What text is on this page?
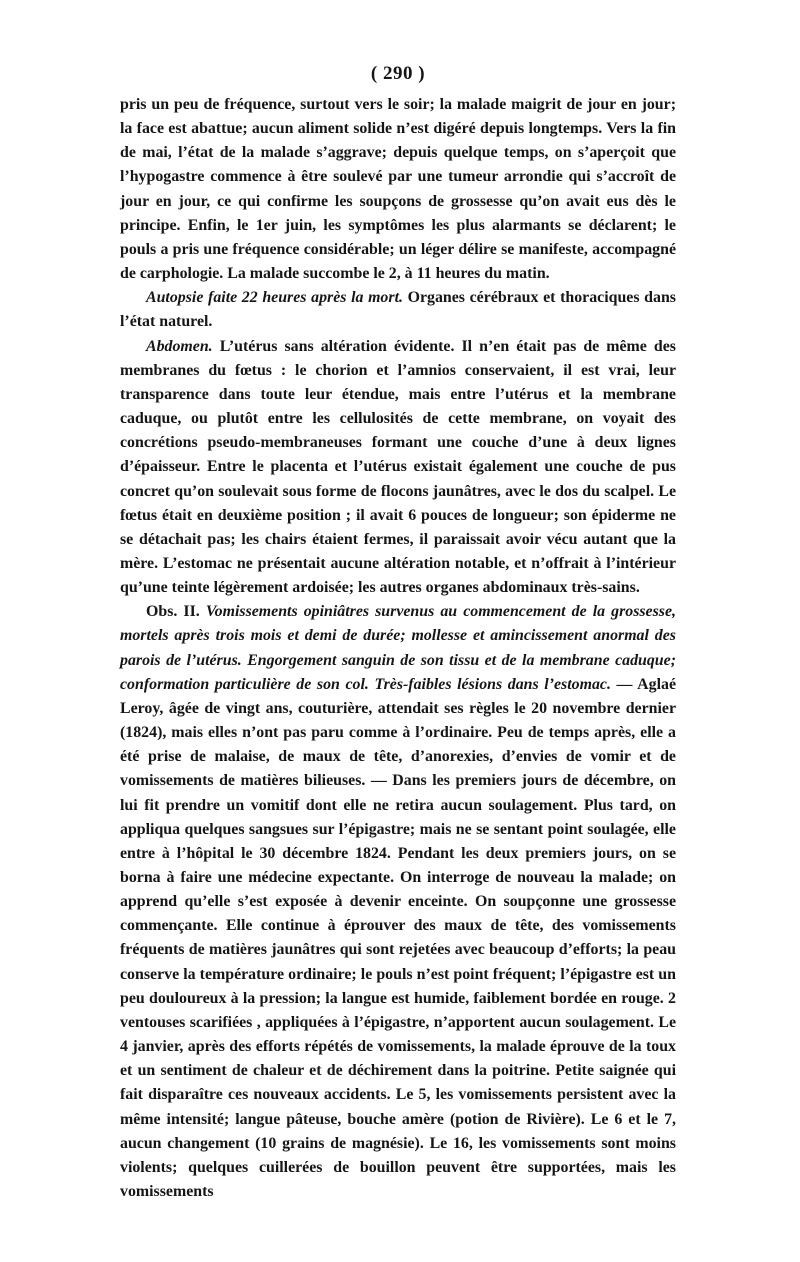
( 290 )

pris un peu de fréquence, surtout vers le soir; la malade maigrit de jour en jour; la face est abattue; aucun aliment solide n’est digéré depuis longtemps. Vers la fin de mai, l’état de la malade s’aggrave; depuis quelque temps, on s’aperçoit que l’hypogastre commence à être soulevé par une tumeur arrondie qui s’accroît de jour en jour, ce qui confirme les soupçons de grossesse qu’on avait eus dès le principe. Enfin, le 1er juin, les symptômes les plus alarmants se déclarent; le pouls a pris une fréquence considérable; un léger délire se manifeste, accompagné de carphologie. La malade succombe le 2, à 11 heures du matin.

Autopsie faite 22 heures après la mort. Organes cérébraux et thoraciques dans l’état naturel.

Abdomen. L’utérus sans altération évidente. Il n’en était pas de même des membranes du fœtus : le chorion et l’amnios conservaient, il est vrai, leur transparence dans toute leur étendue, mais entre l’utérus et la membrane caduque, ou plutôt entre les cellulosités de cette membrane, on voyait des concrétions pseudo-membraneuses formant une couche d’une à deux lignes d’épaisseur. Entre le placenta et l’utérus existait également une couche de pus concret qu’on soulevait sous forme de flocons jaunâtres, avec le dos du scalpel. Le fœtus était en deuxième position ; il avait 6 pouces de longueur; son épiderme ne se détachait pas; les chairs étaient fermes, il paraissait avoir vécu autant que la mère. L’estomac ne présentait aucune altération notable, et n’offrait à l’intérieur qu’une teinte légèrement ardoisée; les autres organes abdominaux très-sains.

Obs. II. Vomissements opiniâtres survenus au commencement de la grossesse, mortels après trois mois et demi de durée; mollesse et amincissement anormal des parois de l’utérus. Engorgement sanguin de son tissu et de la membrane caduque; conformation particulière de son col. Très-faibles lésions dans l’estomac. — Aglaé Leroy, âgée de vingt ans, couturière, attendait ses règles le 20 novembre dernier (1824), mais elles n’ont pas paru comme à l’ordinaire. Peu de temps après, elle a été prise de malaise, de maux de tête, d’anorexies, d’envies de vomir et de vomissements de matières bilieuses. — Dans les premiers jours de décembre, on lui fit prendre un vomitif dont elle ne retira aucun soulagement. Plus tard, on appliqua quelques sangsues sur l’épigastre; mais ne se sentant point soulagée, elle entre à l’hôpital le 30 décembre 1824. Pendant les deux premiers jours, on se borna à faire une médecine expectante. On interroge de nouveau la malade; on apprend qu’elle s’est exposée à devenir enceinte. On soupçonne une grossesse commençante. Elle continue à éprouver des maux de tête, des vomissements fréquents de matières jaunâtres qui sont rejetées avec beaucoup d’efforts; la peau conserve la température ordinaire; le pouls n’est point fréquent; l’épigastre est un peu douloureux à la pression; la langue est humide, faiblement bordée en rouge. 2 ventouses scarifiées , appliquées à l’épigastre, n’apportent aucun soulagement. Le 4 janvier, après des efforts répétés de vomissements, la malade éprouve de la toux et un sentiment de chaleur et de déchirement dans la poitrine. Petite saignée qui fait disparaître ces nouveaux accidents. Le 5, les vomissements persistent avec la même intensité; langue pâteuse, bouche amère (potion de Rivière). Le 6 et le 7, aucun changement (10 grains de magnésie). Le 16, les vomissements sont moins violents; quelques cuillerées de bouillon peuvent être supportées, mais les vomissements
